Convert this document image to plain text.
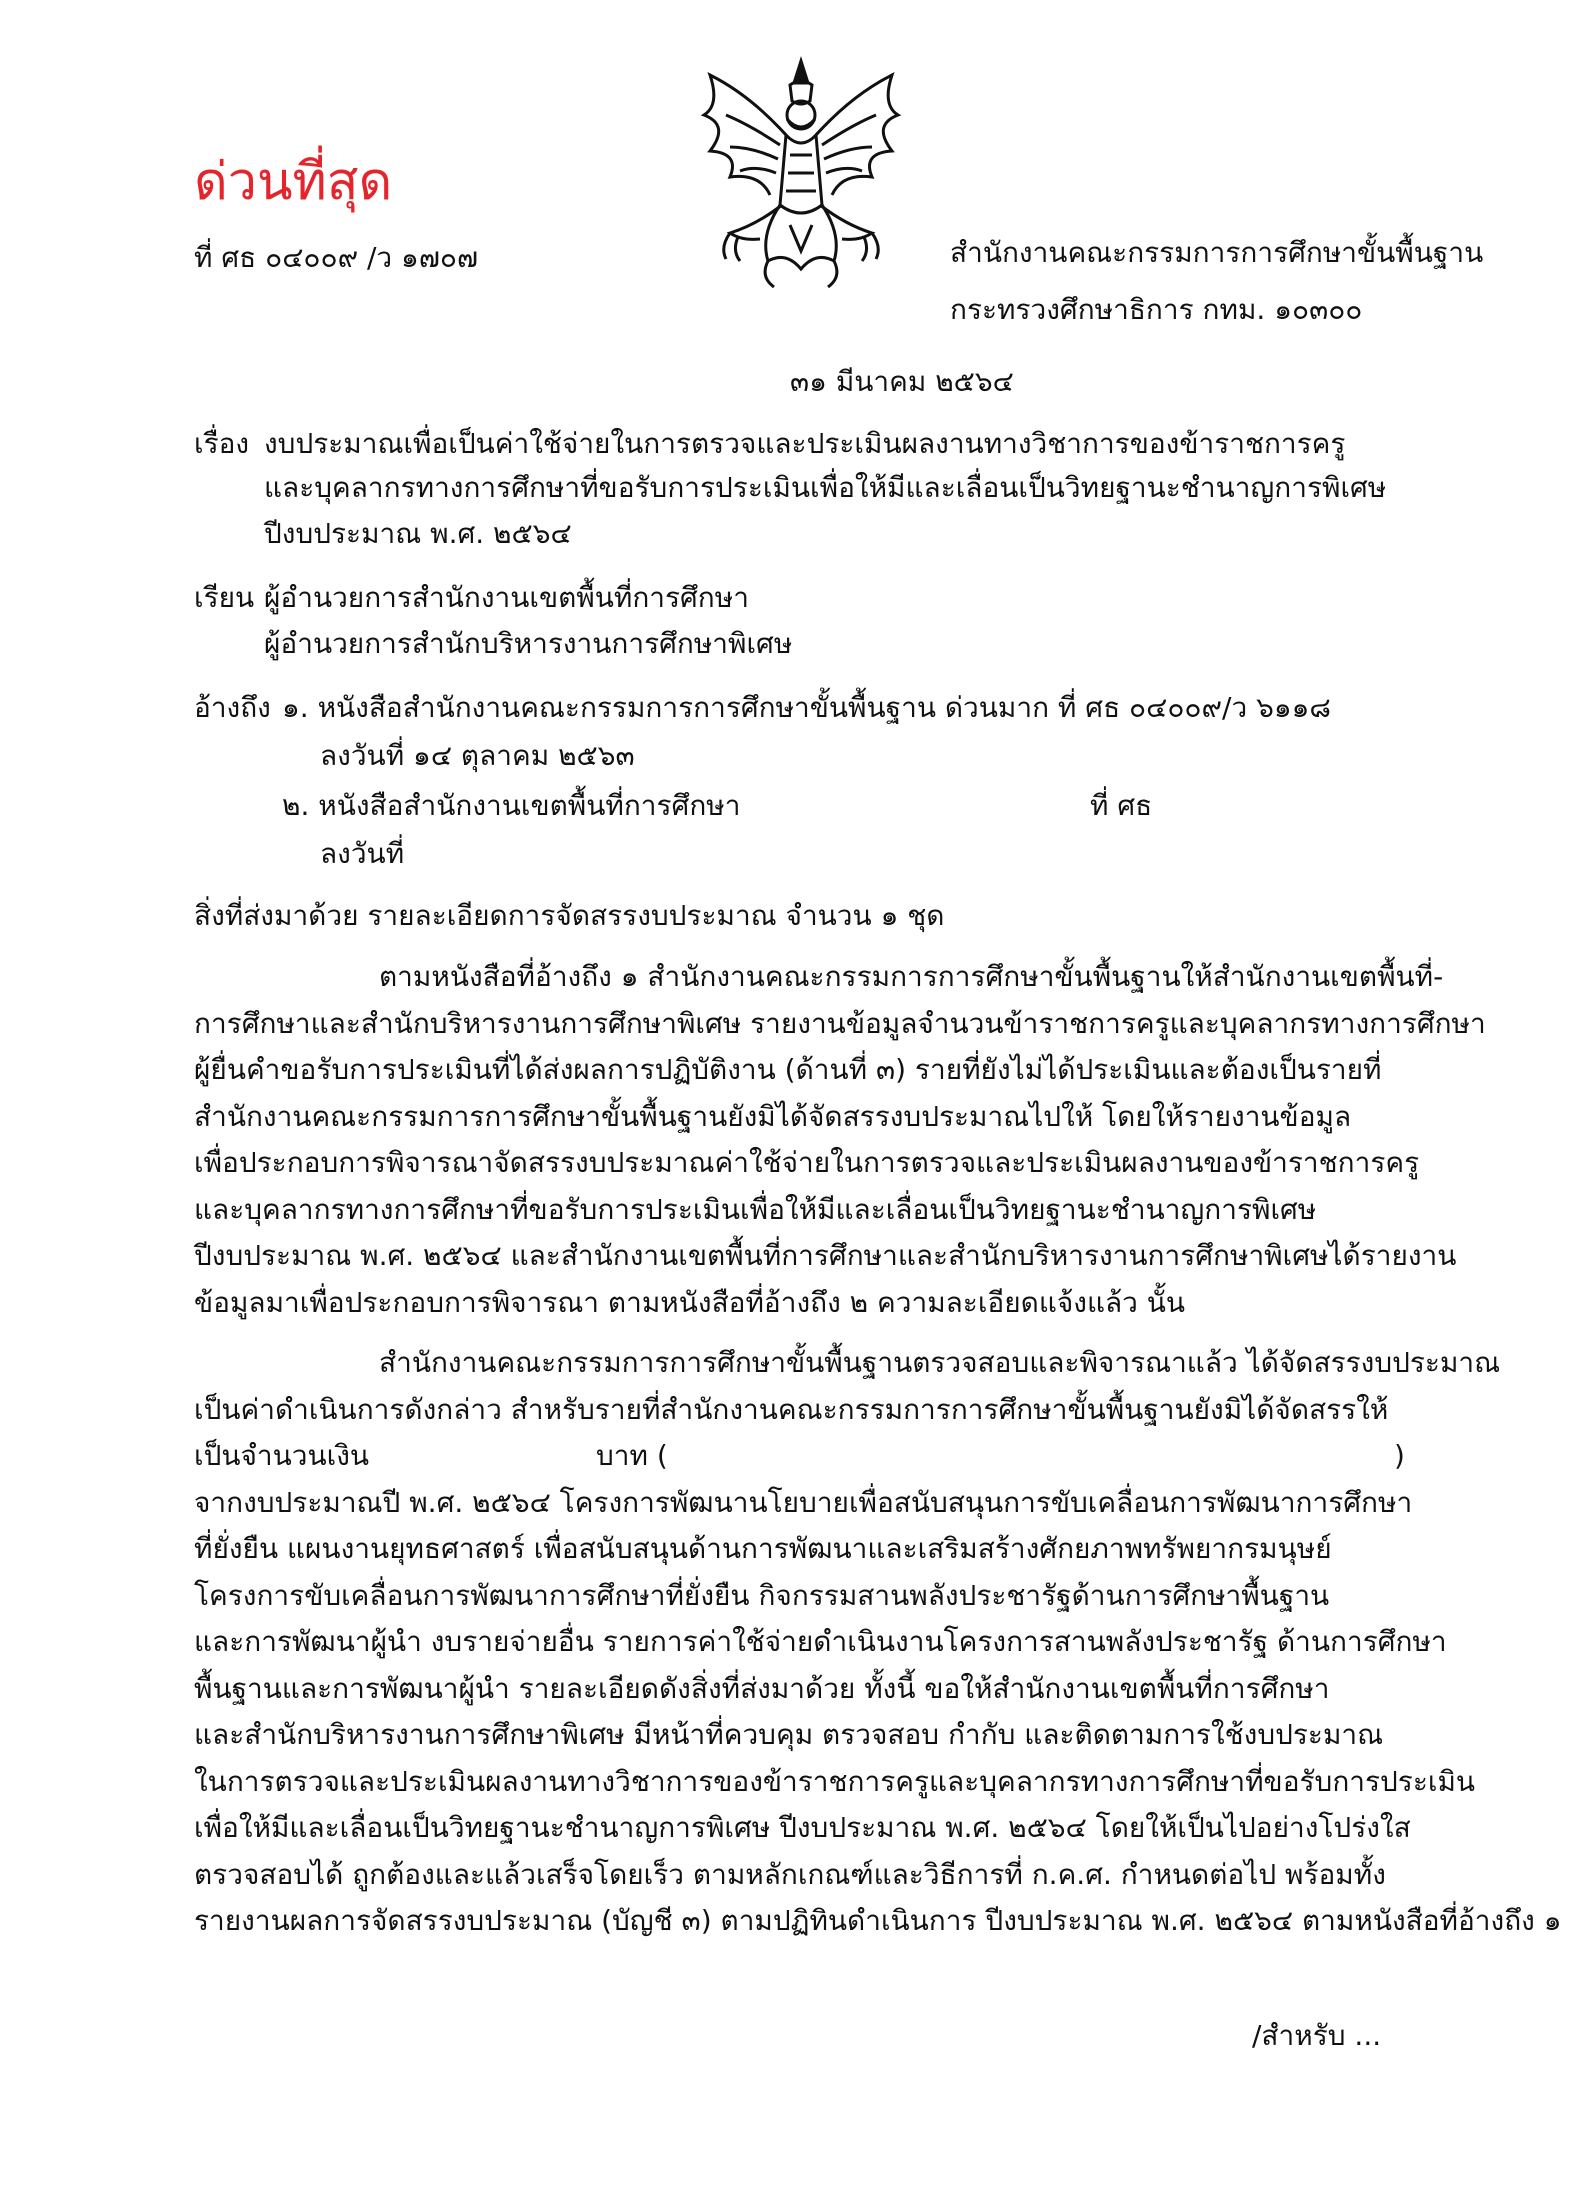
ด่วนที่สุด
ที่ ศธ ๐๔๐๐๙ /ว ๑๗๐๗	สำนักงานคณะกรรมการการศึกษาขั้นพื้นฐาน
กระทรวงศึกษาธิการ กทม. ๑๐๓๐๐
๓๑ มีนาคม ๒๕๖๔
เรื่อง งบประมาณเพื่อเป็นค่าใช้จ่ายในการตรวจและประเมินผลงานทางวิชาการของข้าราชการครู
และบุคลากรทางการศึกษาที่ขอรับการประเมินเพื่อให้มีและเลื่อนเป็นวิทยฐานะชำนาญการพิเศษ
ปีงบประมาณ พ.ศ. ๒๕๖๔
เรียน ผู้อำนวยการสำนักงานเขตพื้นที่การศึกษา
ผู้อำนวยการสำนักบริหารงานการศึกษาพิเศษ
อ้างถึง ๑. หนังสือสำนักงานคณะกรรมการการศึกษาขั้นพื้นฐาน ด่วนมาก ที่ ศธ ๐๔๐๐๙/ว ๖๑๑๘
ลงวันที่ ๑๔ ตุลาคม ๒๕๖๓
๒. หนังสือสำนักงานเขตพื้นที่การศึกษา	ที่ ศธ
ลงวันที่
สิ่งที่ส่งมาด้วย รายละเอียดการจัดสรรงบประมาณ จำนวน ๑ ชุด
ตามหนังสือที่อ้างถึง ๑ สำนักงานคณะกรรมการการศึกษาขั้นพื้นฐานให้สำนักงานเขตพื้นที่-
การศึกษาและสำนักบริหารงานการศึกษาพิเศษ รายงานข้อมูลจำนวนข้าราชการครูและบุคลากรทางการศึกษา
ผู้ยื่นคำขอรับการประเมินที่ได้ส่งผลการปฏิบัติงาน (ด้านที่ ๓) รายที่ยังไม่ได้ประเมินและต้องเป็นรายที่
สำนักงานคณะกรรมการการศึกษาขั้นพื้นฐานยังมิได้จัดสรรงบประมาณไปให้ โดยให้รายงานข้อมูล
เพื่อประกอบการพิจารณาจัดสรรงบประมาณค่าใช้จ่ายในการตรวจและประเมินผลงานของข้าราชการครู
และบุคลากรทางการศึกษาที่ขอรับการประเมินเพื่อให้มีและเลื่อนเป็นวิทยฐานะชำนาญการพิเศษ
ปีงบประมาณ พ.ศ. ๒๕๖๔ และสำนักงานเขตพื้นที่การศึกษาและสำนักบริหารงานการศึกษาพิเศษได้รายงาน
ข้อมูลมาเพื่อประกอบการพิจารณา ตามหนังสือที่อ้างถึง ๒ ความละเอียดแจ้งแล้ว นั้น
สำนักงานคณะกรรมการการศึกษาขั้นพื้นฐานตรวจสอบและพิจารณาแล้ว ได้จัดสรรงบประมาณ
เป็นค่าดำเนินการดังกล่าว สำหรับรายที่สำนักงานคณะกรรมการการศึกษาขั้นพื้นฐานยังมิได้จัดสรรให้
เป็นจำนวนเงิน	บาท (	)
จากงบประมาณปี พ.ศ. ๒๕๖๔ โครงการพัฒนานโยบายเพื่อสนับสนุนการขับเคลื่อนการพัฒนาการศึกษา
ที่ยั่งยืน แผนงานยุทธศาสตร์ เพื่อสนับสนุนด้านการพัฒนาและเสริมสร้างศักยภาพทรัพยากรมนุษย์
โครงการขับเคลื่อนการพัฒนาการศึกษาที่ยั่งยืน กิจกรรมสานพลังประชารัฐด้านการศึกษาพื้นฐาน
และการพัฒนาผู้นำ งบรายจ่ายอื่น รายการค่าใช้จ่ายดำเนินงานโครงการสานพลังประชารัฐ ด้านการศึกษา
พื้นฐานและการพัฒนาผู้นำ รายละเอียดดังสิ่งที่ส่งมาด้วย ทั้งนี้ ขอให้สำนักงานเขตพื้นที่การศึกษา
และสำนักบริหารงานการศึกษาพิเศษ มีหน้าที่ควบคุม ตรวจสอบ กำกับ และติดตามการใช้งบประมาณ
ในการตรวจและประเมินผลงานทางวิชาการของข้าราชการครูและบุคลากรทางการศึกษาที่ขอรับการประเมิน
เพื่อให้มีและเลื่อนเป็นวิทยฐานะชำนาญการพิเศษ ปีงบประมาณ พ.ศ. ๒๕๖๔ โดยให้เป็นไปอย่างโปร่งใส
ตรวจสอบได้ ถูกต้องและแล้วเสร็จโดยเร็ว ตามหลักเกณฑ์และวิธีการที่ ก.ค.ศ. กำหนดต่อไป พร้อมทั้ง
รายงานผลการจัดสรรงบประมาณ (บัญชี ๓) ตามปฏิทินดำเนินการ ปีงบประมาณ พ.ศ. ๒๕๖๔ ตามหนังสือที่อ้างถึง ๑
/สำหรับ ...
